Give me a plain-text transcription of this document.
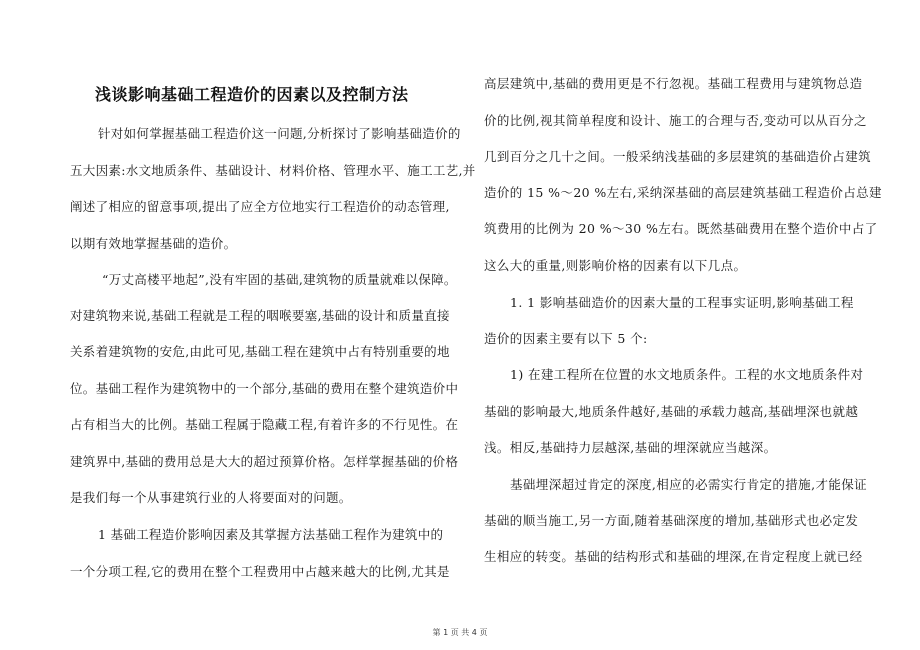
浅谈影响基础工程造价的因素以及控制方法
针对如何掌握基础工程造价这一问题,分析探讨了影响基础造价的
五大因素:水文地质条件、基础设计、材料价格、管理水平、施工工艺,并
阐述了相应的留意事项,提出了应全方位地实行工程造价的动态管理,
以期有效地掌握基础的造价。
“万丈高楼平地起”,没有牢固的基础,建筑物的质量就难以保障。
对建筑物来说,基础工程就是工程的咽喉要塞,基础的设计和质量直接
关系着建筑物的安危,由此可见,基础工程在建筑中占有特别重要的地
位。基础工程作为建筑物中的一个部分,基础的费用在整个建筑造价中
占有相当大的比例。基础工程属于隐藏工程,有着许多的不行见性。在
建筑界中,基础的费用总是大大的超过预算价格。怎样掌握基础的价格
是我们每一个从事建筑行业的人将要面对的问题。
1 基础工程造价影响因素及其掌握方法基础工程作为建筑中的
一个分项工程,它的费用在整个工程费用中占越来越大的比例,尤其是
高层建筑中,基础的费用更是不行忽视。基础工程费用与建筑物总造
价的比例,视其简单程度和设计、施工的合理与否,变动可以从百分之
几到百分之几十之间。一般采纳浅基础的多层建筑的基础造价占建筑
造价的 15 %～20 %左右,采纳深基础的高层建筑基础工程造价占总建
筑费用的比例为 20 %～30 %左右。既然基础费用在整个造价中占了
这么大的重量,则影响价格的因素有以下几点。
1. 1 影响基础造价的因素大量的工程事实证明,影响基础工程
造价的因素主要有以下 5 个:
1) 在建工程所在位置的水文地质条件。工程的水文地质条件对
基础的影响最大,地质条件越好,基础的承载力越高,基础埋深也就越
浅。相反,基础持力层越深,基础的埋深就应当越深。
基础埋深超过肯定的深度,相应的必需实行肯定的措施,才能保证
基础的顺当施工,另一方面,随着基础深度的增加,基础形式也必定发
生相应的转变。基础的结构形式和基础的埋深,在肯定程度上就已经
第 1 页 共 4 页
